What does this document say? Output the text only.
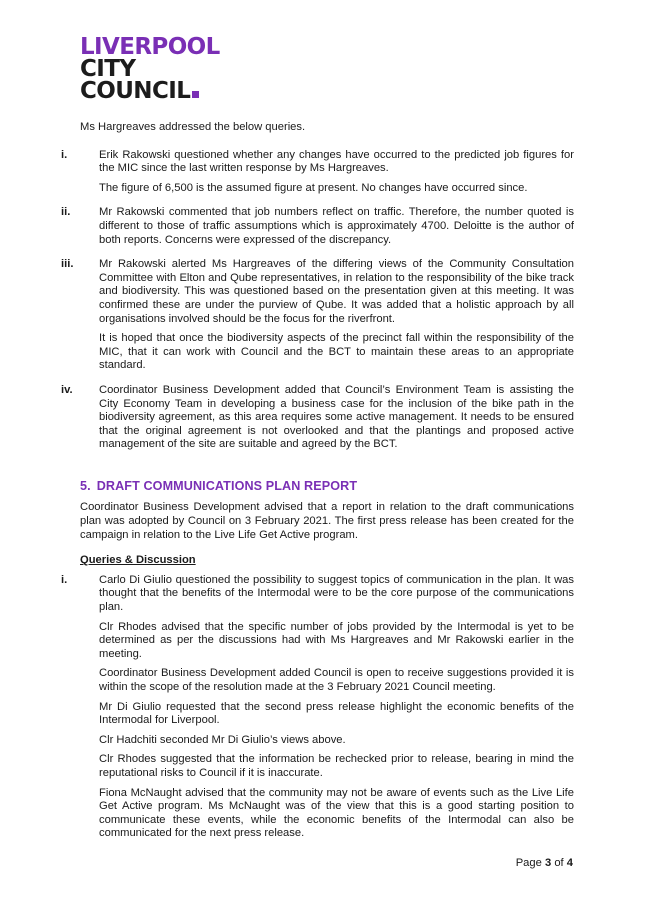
LIVERPOOL
CITY
COUNCIL

Ms Hargreaves addressed the below queries.

i.	Erik Rakowski questioned whether any changes have occurred to the predicted job figures for the MIC since the last written response by Ms Hargreaves.

The figure of 6,500 is the assumed figure at present. No changes have occurred since.

ii.	Mr Rakowski commented that job numbers reflect on traffic. Therefore, the number quoted is different to those of traffic assumptions which is approximately 4700. Deloitte is the author of both reports. Concerns were expressed of the discrepancy.

iii.	Mr Rakowski alerted Ms Hargreaves of the differing views of the Community Consultation Committee with Elton and Qube representatives, in relation to the responsibility of the bike track and biodiversity. This was questioned based on the presentation given at this meeting. It was confirmed these are under the purview of Qube. It was added that a holistic approach by all organisations involved should be the focus for the riverfront.

It is hoped that once the biodiversity aspects of the precinct fall within the responsibility of the MIC, that it can work with Council and the BCT to maintain these areas to an appropriate standard.

iv.	Coordinator Business Development added that Council’s Environment Team is assisting the City Economy Team in developing a business case for the inclusion of the bike path in the biodiversity agreement, as this area requires some active management. It needs to be ensured that the original agreement is not overlooked and that the plantings and proposed active management of the site are suitable and agreed by the BCT.

5. DRAFT COMMUNICATIONS PLAN REPORT

Coordinator Business Development advised that a report in relation to the draft communications plan was adopted by Council on 3 February 2021. The first press release has been created for the campaign in relation to the Live Life Get Active program.

Queries & Discussion
i.	Carlo Di Giulio questioned the possibility to suggest topics of communication in the plan. It was thought that the benefits of the Intermodal were to be the core purpose of the communications plan.

Clr Rhodes advised that the specific number of jobs provided by the Intermodal is yet to be determined as per the discussions had with Ms Hargreaves and Mr Rakowski earlier in the meeting.

Coordinator Business Development added Council is open to receive suggestions provided it is within the scope of the resolution made at the 3 February 2021 Council meeting.

Mr Di Giulio requested that the second press release highlight the economic benefits of the Intermodal for Liverpool.

Clr Hadchiti seconded Mr Di Giulio’s views above.

Clr Rhodes suggested that the information be rechecked prior to release, bearing in mind the reputational risks to Council if it is inaccurate.

Fiona McNaught advised that the community may not be aware of events such as the Live Life Get Active program. Ms McNaught was of the view that this is a good starting position to communicate these events, while the economic benefits of the Intermodal can also be communicated for the next press release.

Page 3 of 4
